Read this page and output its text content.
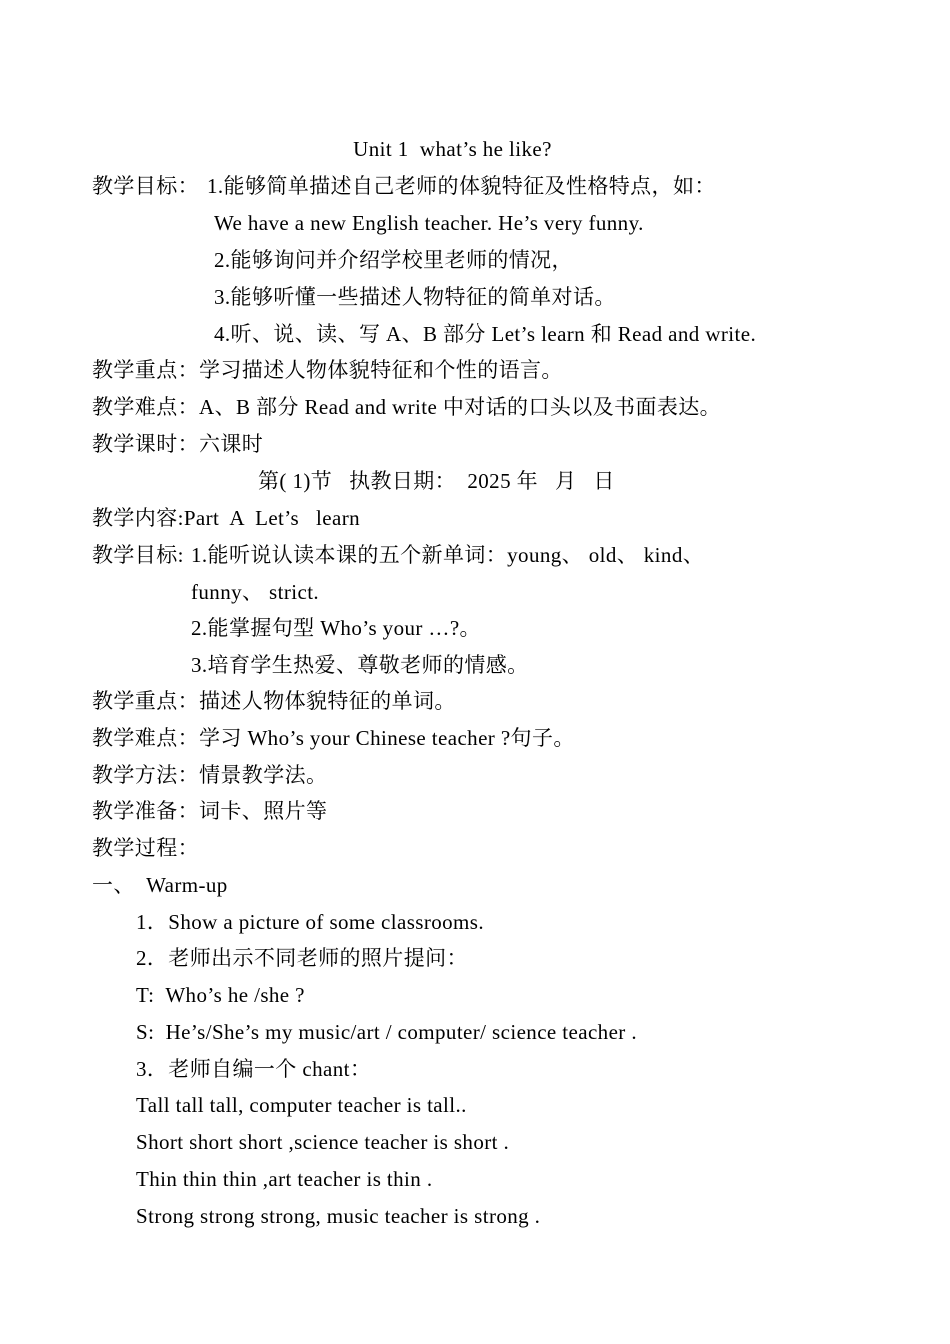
Unit 1  what’s he like?
教学目标： 1.能够简单描述自己老师的体貌特征及性格特点，如：
We have a new English teacher. He’s very funny.
2.能够询问并介绍学校里老师的情况，
3.能够听懂一些描述人物特征的简单对话。
4.听、说、读、写 A、B 部分 Let’s learn 和 Read and write.
教学重点：学习描述人物体貌特征和个性的语言。
教学难点：A、B 部分 Read and write 中对话的口头以及书面表达。
教学课时：六课时
第( 1)节   执教日期：  2025 年   月   日
教学内容:Part  A  Let’s   learn
教学目标: 1.能听说认读本课的五个新单词：young、 old、 kind、
funny、 strict.
2.能掌握句型 Who’s your …?。
3.培育学生热爱、尊敬老师的情感。
教学重点：描述人物体貌特征的单词。
教学难点：学习 Who’s your Chinese teacher ?句子。
教学方法：情景教学法。
教学准备：词卡、照片等
教学过程：
一、  Warm-up
1．Show a picture of some classrooms.
2．老师出示不同老师的照片提问：
T:  Who’s he /she ?
S:  He’s/She’s my music/art / computer/ science teacher .
3．老师自编一个 chant：
Tall tall tall, computer teacher is tall..
Short short short ,science teacher is short .
Thin thin thin ,art teacher is thin .
Strong strong strong, music teacher is strong .
